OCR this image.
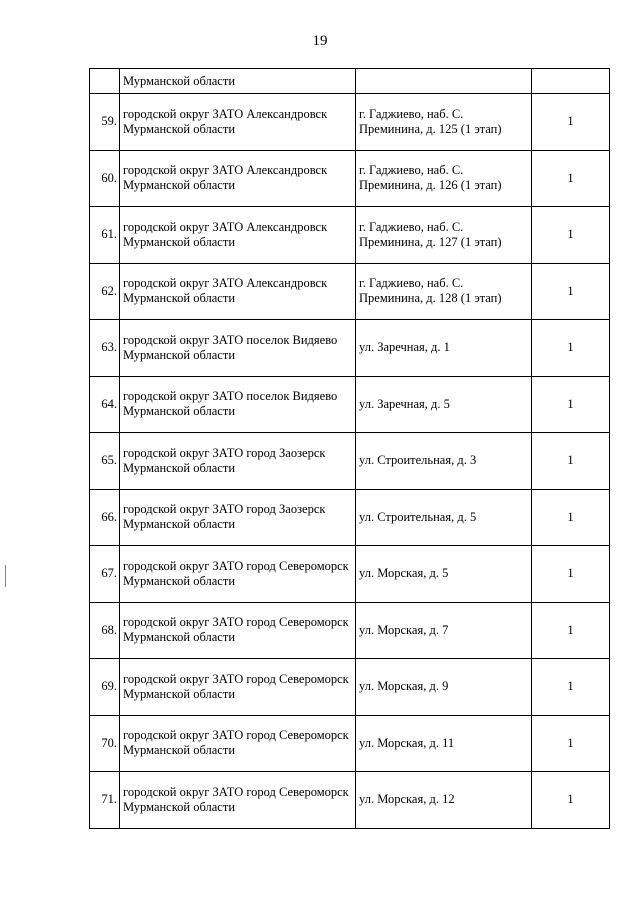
19
	Мурманской области		
59.	городской округ ЗАТО Александровск Мурманской области	г. Гаджиево, наб. С. Преминина, д. 125 (1 этап)	1
60.	городской округ ЗАТО Александровск Мурманской области	г. Гаджиево, наб. С. Преминина, д. 126 (1 этап)	1
61.	городской округ ЗАТО Александровск Мурманской области	г. Гаджиево, наб. С. Преминина, д. 127 (1 этап)	1
62.	городской округ ЗАТО Александровск Мурманской области	г. Гаджиево, наб. С. Преминина, д. 128 (1 этап)	1
63.	городской округ ЗАТО поселок Видяево Мурманской области	ул. Заречная, д. 1	1
64.	городской округ ЗАТО поселок Видяево Мурманской области	ул. Заречная, д. 5	1
65.	городской округ ЗАТО город Заозерск Мурманской области	ул. Строительная, д. 3	1
66.	городской округ ЗАТО город Заозерск Мурманской области	ул. Строительная, д. 5	1
67.	городской округ ЗАТО город Североморск Мурманской области	ул. Морская, д. 5	1
68.	городской округ ЗАТО город Североморск Мурманской области	ул. Морская, д. 7	1
69.	городской округ ЗАТО город Североморск Мурманской области	ул. Морская, д. 9	1
70.	городской округ ЗАТО город Североморск Мурманской области	ул. Морская, д. 11	1
71.	городской округ ЗАТО город Североморск Мурманской области	ул. Морская, д. 12	1
